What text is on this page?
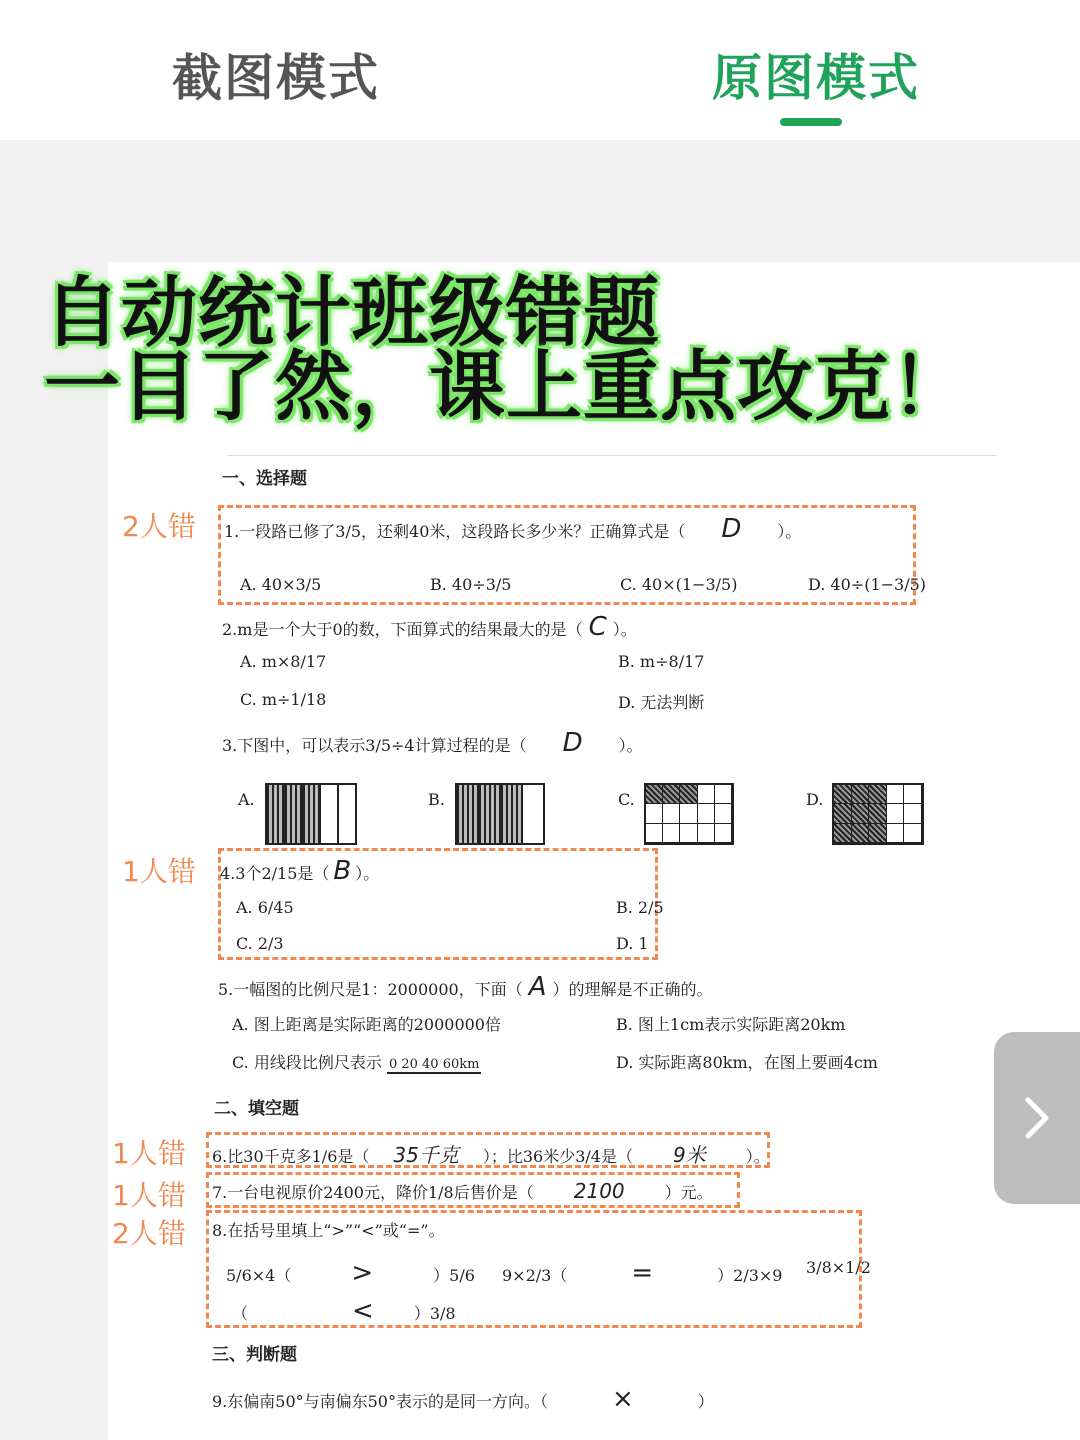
截图模式	原图模式
一、选择题
2人错 1.一段路已修了3/5，还剩40米，这段路长多少米？正确算式是（ D ）。
A. 40×3/5	B. 40÷3/5	C. 40×(1−3/5)	D. 40÷(1−3/5)
2.m是一个大于0的数，下面算式的结果最大的是（ C ）。
A. m×8/17	B. m÷8/17
C. m÷1/18	D. 无法判断
3.下图中，可以表示3/5÷4计算过程的是（ D ）。
A.	B.	C.	D.
1人错 4.3个2/15是（ B ）。
A. 6/45	B. 2/5
C. 2/3	D. 1
5.一幅图的比例尺是1：2000000，下面（ A ）的理解是不正确的。
A. 图上距离是实际距离的2000000倍	B. 图上1cm表示实际距离20km
C. 用线段比例尺表示 0 20 40 60km	D. 实际距离80km，在图上要画4cm
二、填空题
1人错 6.比30千克多1/6是（ 35千克 ）；比36米少3/4是（ 9米	）。
1人错 7.一台电视原价2400元，降价1/8后售价是（ 2100	）元。
2人错 8.在括号里填上“>”“<”或“=”。
5/6×4（ >	）5/6 9×2/3（ =	）2/3×9 3/8×1/2
（	<	）3/8
三、判断题
9.东偏南50°与南偏东50°表示的是同一方向。（ ×	）
自动统计班级错题
一目了然，课上重点攻克！
